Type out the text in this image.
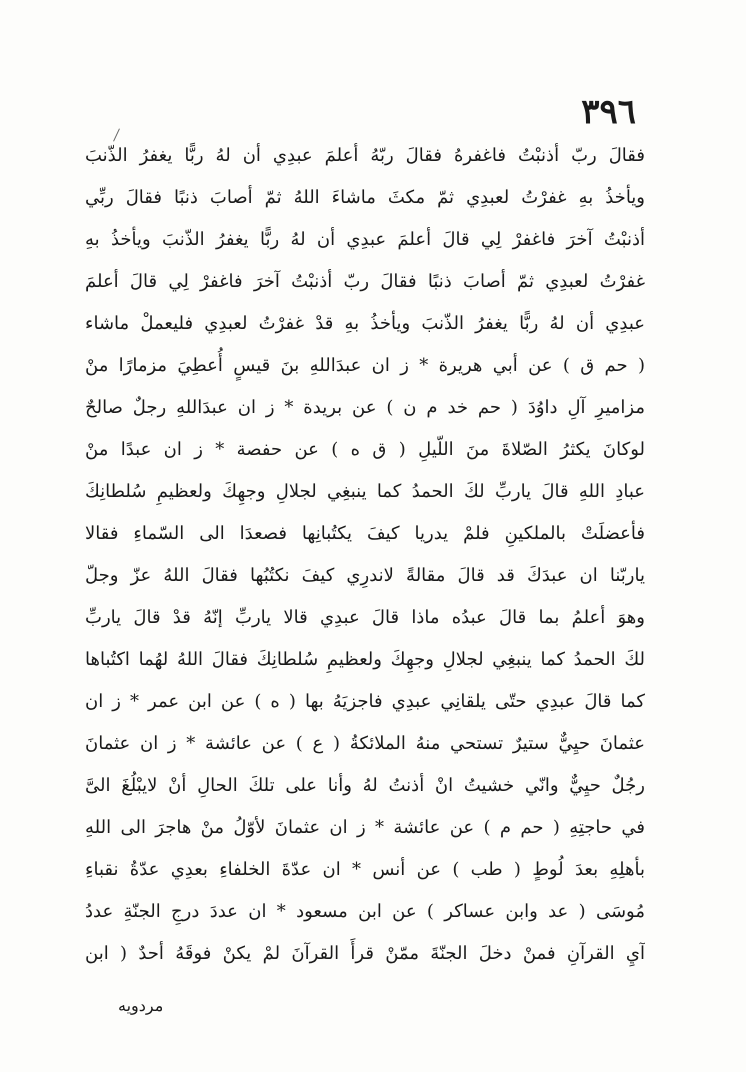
٣٩٦
فقالَ ربّ أذنبْتُ فاغفرهُ فقالَ ربّهُ أعلمَ عبدِي أن لهُ ربًّا يغفرُ الذّنبَ
ويأخذُ بهِ غفرْتُ لعبدِي ثمّ مكثَ ماشاءَ اللهُ ثمّ أصابَ ذنبًا فقالَ ربِّي
أذنبْتُ آخرَ فاغفرْ لِي قالَ أعلمَ عبدِي أن لهُ ربًّا يغفرُ الذّنبَ ويأخذُ بهِ
غفرْتُ لعبدِي ثمّ أصابَ ذنبًا فقالَ ربّ أذنبْتُ آخرَ فاغفرْ لِي قالَ أعلمَ
عبدِي أن لهُ ربًّا يغفرُ الذّنبَ ويأخذُ بهِ قدْ غفرْتُ لعبدِي فليعملْ ماشاء
( حم ق ) عن أبي هريرة * ز ان عبدَاللهِ بنَ قيسٍ أُعطِيَ مزمارًا منْ
مزاميرِ آلِ داوُدَ ( حم خد م ن ) عن بريدة * ز ان عبدَاللهِ رجلٌ صالحٌ
لوكانَ يكثرُ الصّلاةَ منَ اللّيلِ ( ق ه ) عن حفصة * ز ان عبدًا منْ
عبادِ اللهِ قالَ ياربِّ لكَ الحمدُ كما ينبغِي لجلالِ وجهِكَ ولعظيمِ سُلطانِكَ
فأعضلَتْ بالملكينِ فلمْ يدريا كيفَ يكتُبانِها فصعدَا الى السّماءِ فقالا
ياربّنا ان عبدَكَ قد قالَ مقالةً لاندرِي كيفَ نكتُبُها فقالَ اللهُ عزّ وجلّ
وهوَ أعلمُ بما قالَ عبدُه ماذا قالَ عبدِي قالا ياربِّ إنّهُ قدْ قالَ ياربِّ
لكَ الحمدُ كما ينبغِي لجلالِ وجهِكَ ولعظيمِ سُلطانِكَ فقالَ اللهُ لهُما اكتُباها
كما قالَ عبدِي حتّى يلقانِي عبدِي فاجزيَهُ بها ( ه ) عن ابن عمر * ز ان
عثمانَ حيِيٌّ ستيرٌ تستحي منهُ الملائكةُ ( ع ) عن عائشة * ز ان عثمانَ
رجُلٌ حيِيٌّ وانّي خشيتُ انْ أذنتُ لهُ وأنا على تلكَ الحالِ أنْ لايبْلُغَ الىَّ
في حاجتِهِ ( حم م ) عن عائشة * ز ان عثمانَ لأوّلُ منْ هاجرَ الى اللهِ
بأهلِهِ بعدَ لُوطٍ ( طب ) عن أنس * ان عدّةَ الخلفاءِ بعدِي عدّةُ نقباءِ
مُوسَى ( عد وابن عساكر ) عن ابن مسعود * ان عددَ درجِ الجنّةِ عددُ
آيِ القرآنِ فمنْ دخلَ الجنّةَ ممّنْ قرأَ القرآنَ لمْ يكنْ فوقَهُ أحدٌ ( ابن
مردويه
